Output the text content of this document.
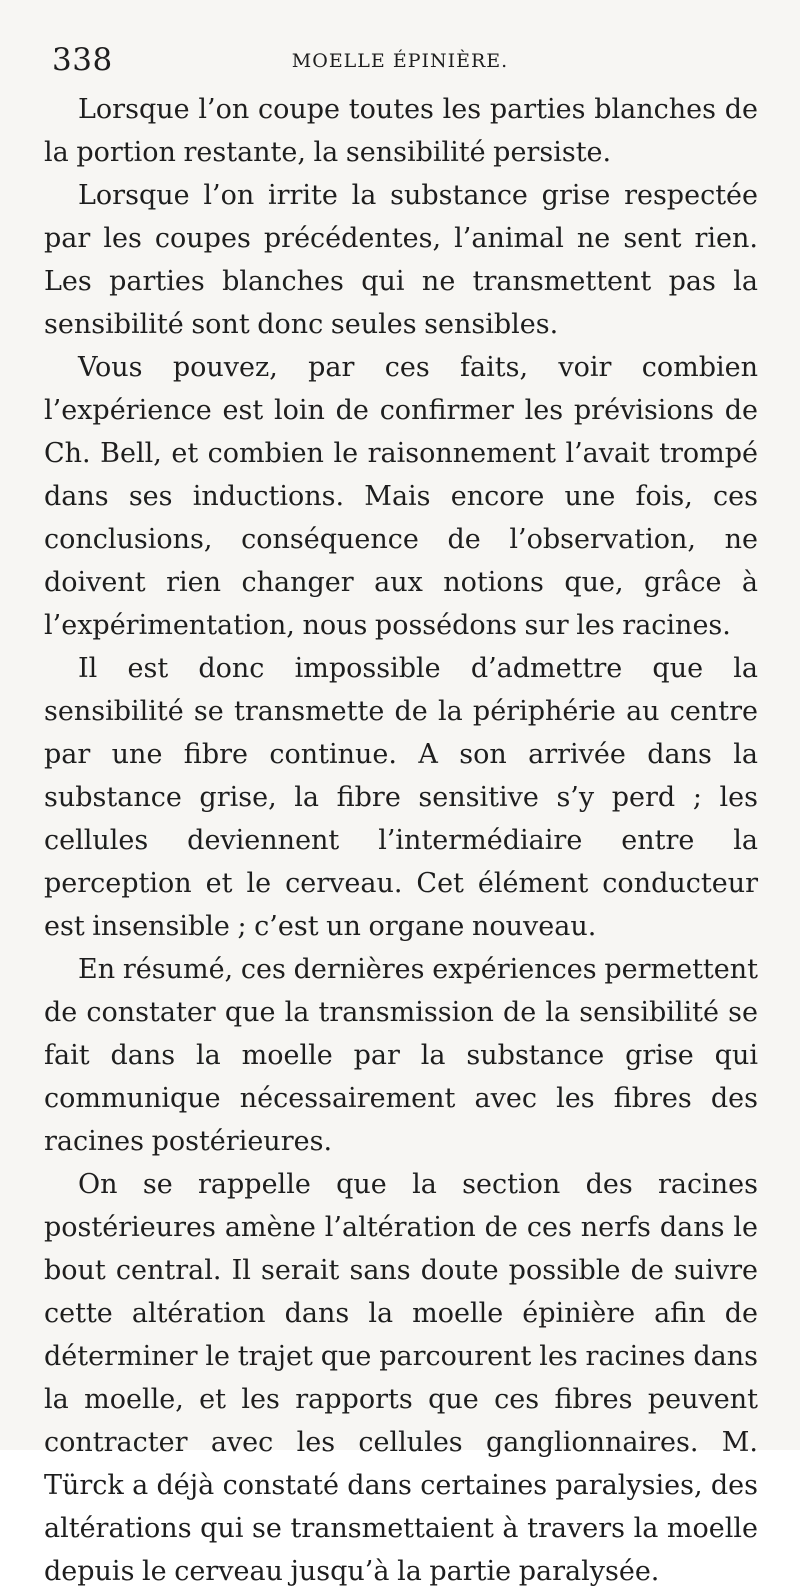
338	MOELLE ÉPINIÈRE.

Lorsque l’on coupe toutes les parties blanches de la portion restante, la sensibilité persiste.

Lorsque l’on irrite la substance grise respectée par les coupes précédentes, l’animal ne sent rien. Les parties blanches qui ne transmettent pas la sensibilité sont donc seules sensibles.

Vous pouvez, par ces faits, voir combien l’expérience est loin de confirmer les prévisions de Ch. Bell, et combien le raisonnement l’avait trompé dans ses inductions. Mais encore une fois, ces conclusions, conséquence de l’observation, ne doivent rien changer aux notions que, grâce à l’expérimentation, nous possédons sur les racines.

Il est donc impossible d’admettre que la sensibilité se transmette de la périphérie au centre par une fibre continue. A son arrivée dans la substance grise, la fibre sensitive s’y perd ; les cellules deviennent l’intermédiaire entre la perception et le cerveau. Cet élément conducteur est insensible ; c’est un organe nouveau.

En résumé, ces dernières expériences permettent de constater que la transmission de la sensibilité se fait dans la moelle par la substance grise qui communique nécessairement avec les fibres des racines postérieures.

On se rappelle que la section des racines postérieures amène l’altération de ces nerfs dans le bout central. Il serait sans doute possible de suivre cette altération dans la moelle épinière afin de déterminer le trajet que parcourent les racines dans la moelle, et les rapports que ces fibres peuvent contracter avec les cellules ganglionnaires. M. Türck a déjà constaté dans certaines paralysies, des altérations qui se transmettaient à travers la moelle depuis le cerveau jusqu’à la partie paralysée.
